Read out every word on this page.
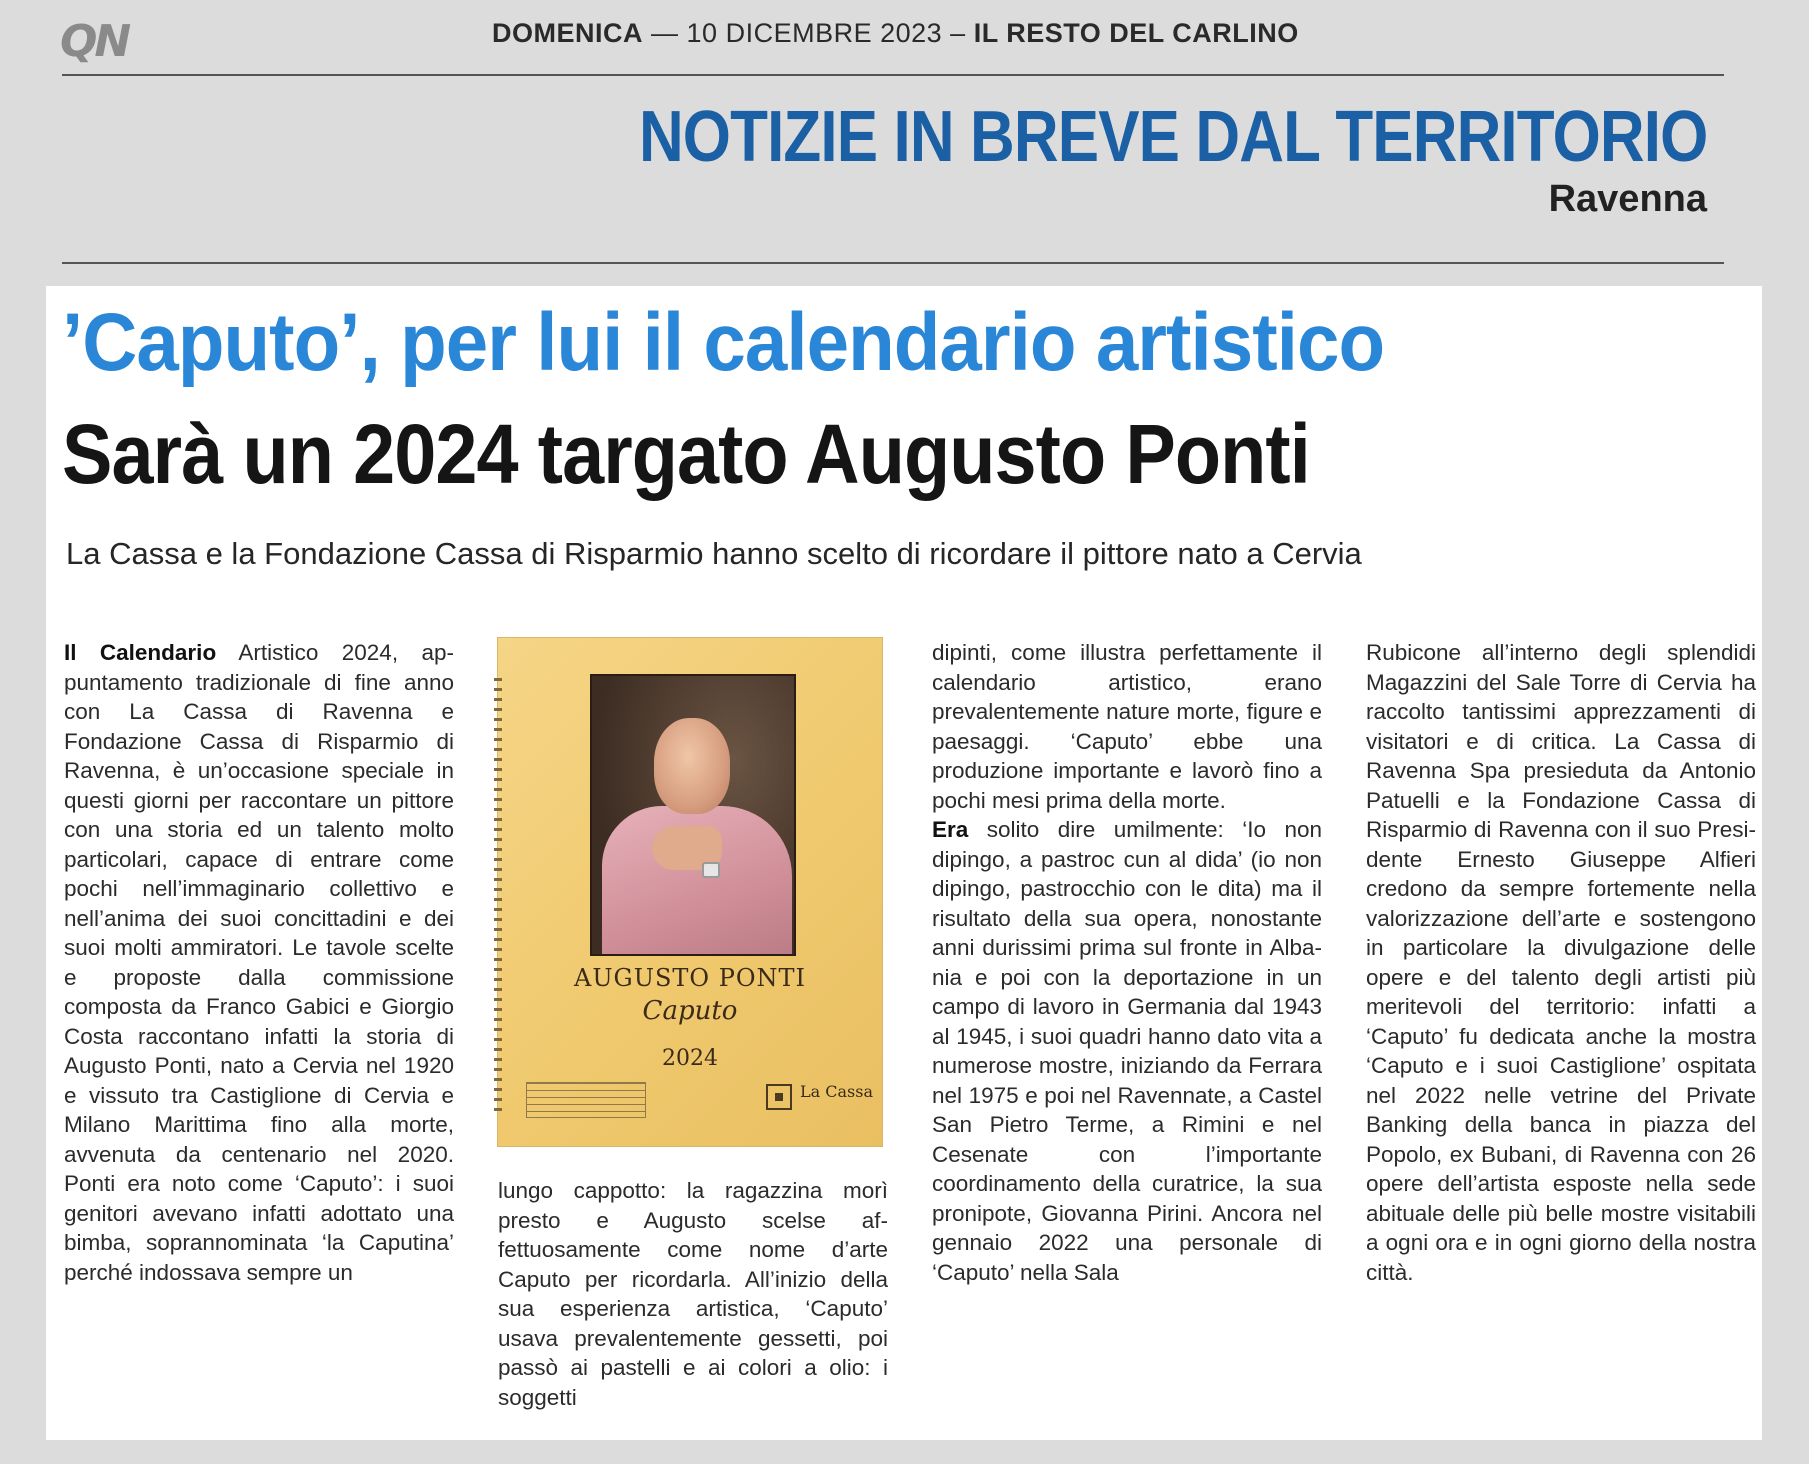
QN	DOMENICA — 10 DICEMBRE 2023 – IL RESTO DEL CARLINO
NOTIZIE IN BREVE DAL TERRITORIO
Ravenna
’Caputo’, per lui il calendario artistico
Sarà un 2024 targato Augusto Ponti
La Cassa e la Fondazione Cassa di Risparmio hanno scelto di ricordare il pittore nato a Cervia

Il Calendario Artistico 2024, appuntamento tradizionale di fine anno con La Cassa di Ravenna e Fondazione Cassa di Risparmio di Ravenna, è un’occasione speciale in questi giorni per raccontare un pittore con una storia ed un talento molto particolari, capace di entrare come pochi nell’immaginario collettivo e nell’anima dei suoi concittadini e dei suoi molti ammiratori. Le tavole scelte e proposte dalla commissione composta da Franco Gabici e Giorgio Costa raccontano infatti la storia di Augusto Ponti, nato a Cervia nel 1920 e vissuto tra Castiglione di Cervia e Milano Marittima fino alla morte, avvenuta da centenario nel 2020. Ponti era noto come ‘Caputo’: i suoi genitori avevano infatti adottato una bimba, soprannominata ‘la Caputina’ perché indossava sempre un

AUGUSTO PONTI
Caputo
2024
La Cassa

lungo cappotto: la ragazzina morì presto e Augusto scelse affettuosamente come nome d’arte Caputo per ricordarla. All’inizio della sua esperienza artistica, ‘Caputo’ usava prevalentemente gessetti, poi passò ai pastelli e ai colori a olio: i soggetti

dipinti, come illustra perfettamente il calendario artistico, erano prevalentemente nature morte, figure e paesaggi. ‘Caputo’ ebbe una produzione importante e lavorò fino a pochi mesi prima della morte.

Era solito dire umilmente: ‘Io non dipingo, a pastroc cun al dida’ (io non dipingo, pastrocchio con le dita) ma il risultato della sua opera, nonostante anni durissimi prima sul fronte in Albania e poi con la deportazione in un campo di lavoro in Germania dal 1943 al 1945, i suoi quadri hanno dato vita a numerose mostre, iniziando da Ferrara nel 1975 e poi nel Ravennate, a Castel San Pietro Terme, a Rimini e nel Cesenate con l’importante coordinamento della curatrice, la sua pronipote, Giovanna Pirini. Ancora nel gennaio 2022 una personale di ‘Caputo’ nella Sala

Rubicone all’interno degli splendidi Magazzini del Sale Torre di Cervia ha raccolto tantissimi apprezzamenti di visitatori e di critica. La Cassa di Ravenna Spa presieduta da Antonio Patuelli e la Fondazione Cassa di Risparmio di Ravenna con il suo Presidente Ernesto Giuseppe Alfieri credono da sempre fortemente nella valorizzazione dell’arte e sostengono in particolare la divulgazione delle opere e del talento degli artisti più meritevoli del territorio: infatti a ‘Caputo’ fu dedicata anche la mostra ‘Caputo e i suoi Castiglione’ ospitata nel 2022 nelle vetrine del Private Banking della banca in piazza del Popolo, ex Bubani, di Ravenna con 26 opere dell’artista esposte nella sede abituale delle più belle mostre visitabili a ogni ora e in ogni giorno della nostra città.
